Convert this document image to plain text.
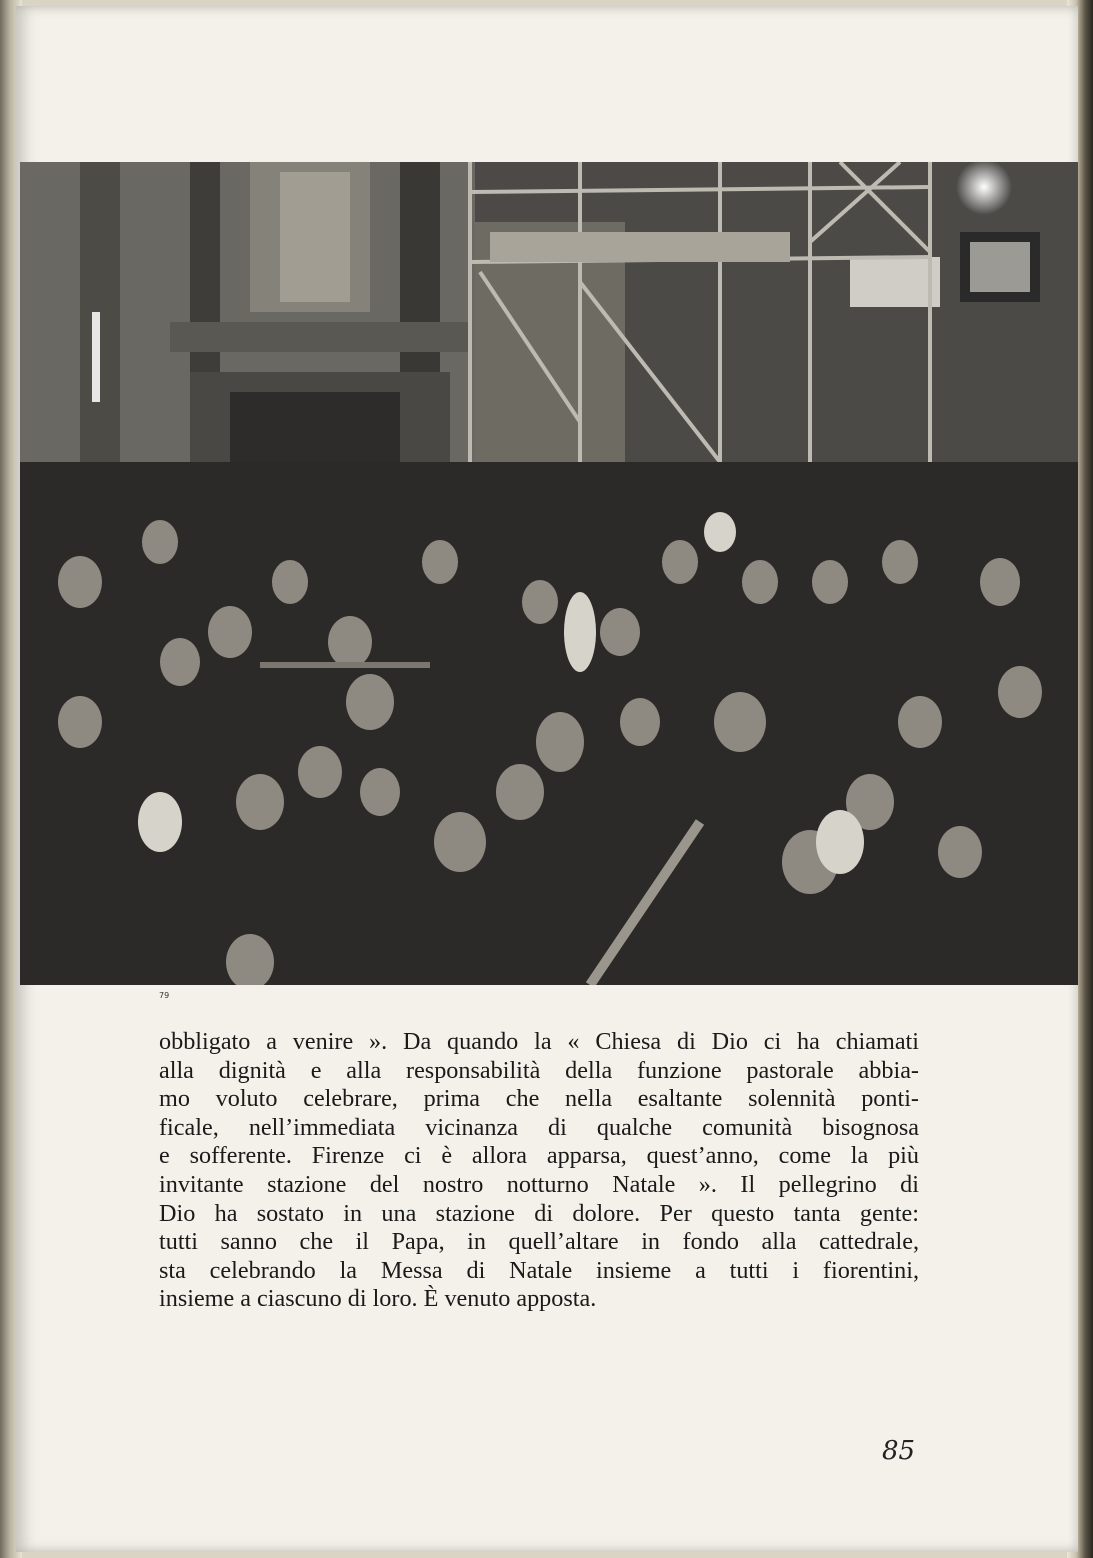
79
obbligato a venire ». Da quando la « Chiesa di Dio ci ha chiamati
alla dignità e alla responsabilità della funzione pastorale abbia-
mo voluto celebrare, prima che nella esaltante solennità ponti-
ficale, nell’immediata vicinanza di qualche comunità bisognosa
e sofferente. Firenze ci è allora apparsa, quest’anno, come la più
invitante stazione del nostro notturno Natale ». Il pellegrino di
Dio ha sostato in una stazione di dolore. Per questo tanta gente:
tutti sanno che il Papa, in quell’altare in fondo alla cattedrale,
sta celebrando la Messa di Natale insieme a tutti i fiorentini,
insieme a ciascuno di loro. È venuto apposta.
85
